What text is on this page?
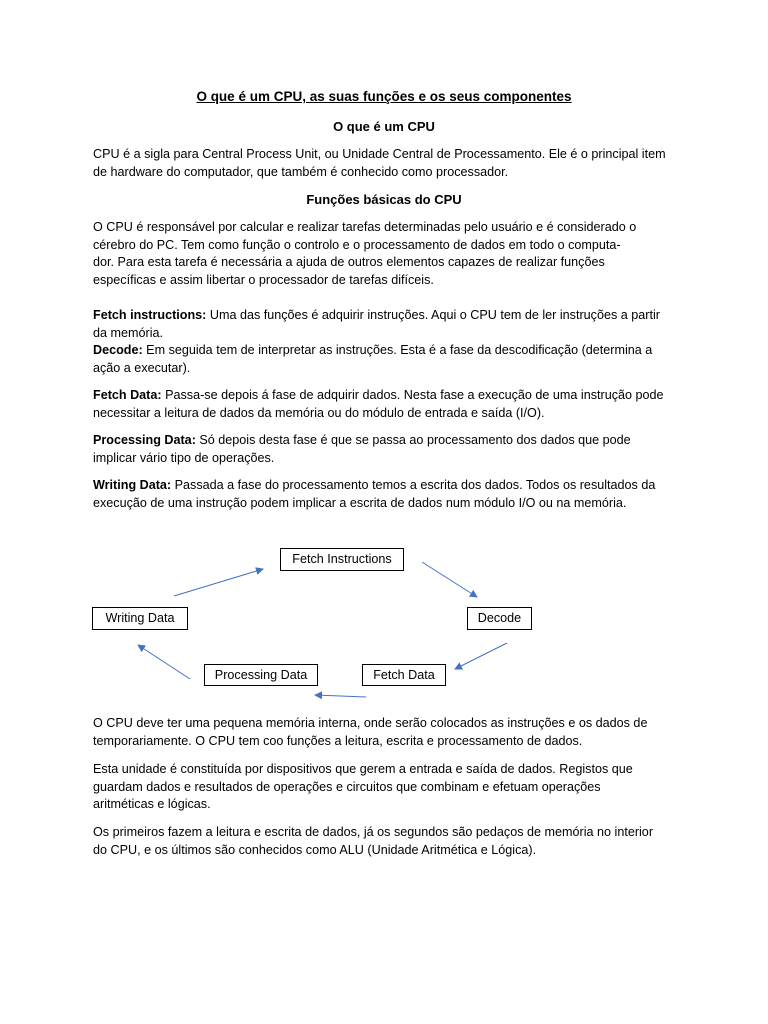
O que é um CPU, as suas funções e os seus componentes
O que é um CPU

CPU é a sigla para Central Process Unit, ou Unidade Central de Processamento. Ele é o principal item
de hardware do computador, que também é conhecido como processador.

Funções básicas do CPU

O CPU é responsável por calcular e realizar tarefas determinadas pelo usuário e é considerado o
cérebro do PC. Tem como função o controlo e o processamento de dados em todo o computa-
dor. Para esta tarefa é necessária a ajuda de outros elementos capazes de realizar funções
específicas e assim libertar o processador de tarefas difíceis.

Fetch instructions: Uma das funções é adquirir instruções. Aqui o CPU tem de ler instruções a partir
da memória.

Decode: Em seguida tem de interpretar as instruções. Esta é a fase da descodificação (determina a
ação a executar).

Fetch Data: Passa-se depois á fase de adquirir dados. Nesta fase a execução de uma instrução pode
necessitar a leitura de dados da memória ou do módulo de entrada e saída (I/O).

Processing Data: Só depois desta fase é que se passa ao processamento dos dados que pode
implicar vário tipo de operações.

Writing Data: Passada a fase do processamento temos a escrita dos dados. Todos os resultados da
execução de uma instrução podem implicar a escrita de dados num módulo I/O ou na memória.

Fetch Instructions
Decode
Fetch Data
Processing Data
Writing Data

O CPU deve ter uma pequena memória interna, onde serão colocados as instruções e os dados de
temporariamente. O CPU tem coo funções a leitura, escrita e processamento de dados.

Esta unidade é constituída por dispositivos que gerem a entrada e saída de dados. Registos que
guardam dados e resultados de operações e circuitos que combinam e efetuam operações
aritméticas e lógicas.

Os primeiros fazem a leitura e escrita de dados, já os segundos são pedaços de memória no interior
do CPU, e os últimos são conhecidos como ALU (Unidade Aritmética e Lógica).
